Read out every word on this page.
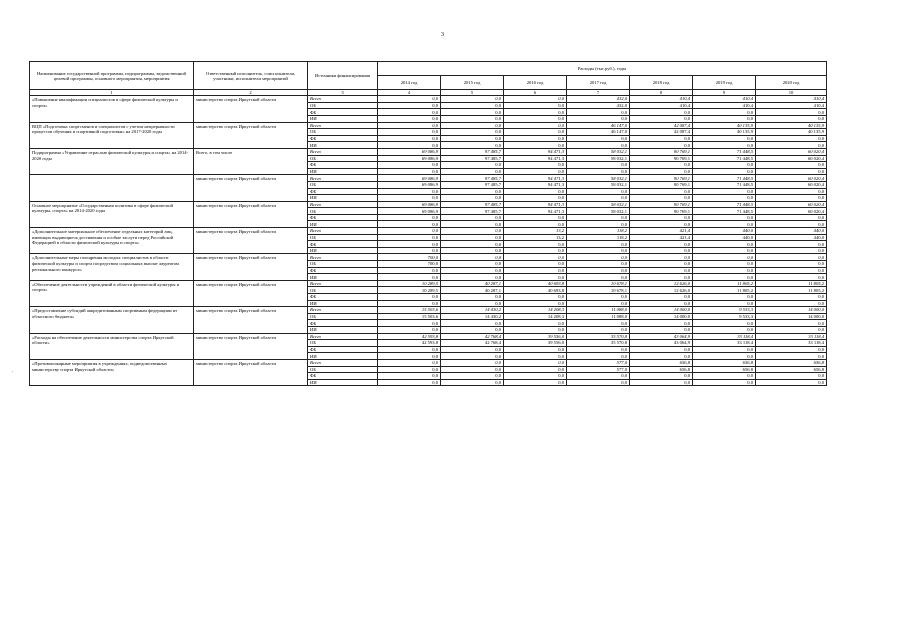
3
.
Наименование государственной программы, подпрограммы, ведомственной целевой программы, основного мероприятия, мероприятия	Ответственный исполнитель, соисполнители, участники, исполнители мероприятий	Источники финансирования	Расходы (тыс.руб.), годы						
			2014 год	2015 год	2016 год	2017 год	2018 год	2019 год	2020 год
1	2	3	4	5	6	7	8	9	10
«Повышение квалификации специалистов в сфере физической культуры и спорта»	министерство спорта Иркутской области	Всего	0,0	0,0	0,0	432,0	410,4	410,4	410,4
		ОБ	0,0	0,0	0,0	432,0	410,4	410,4	410,4
		ФБ	0,0	0,0	0,0	0,0	0,0	0,0	0,0
		ИИ	0,0	0,0	0,0	0,0	0,0	0,0	0,0
ВЦП «Подготовка спортсменов и специалистов с учетом непрерывности процессов обучения и спортивной подготовки» на 2017-2020 годы	министерство спорта Иркутской области	Всего	0,0	0,0	0,0	46 147,0	42 087,4	40 135,9	40 135,9
		ОБ	0,0	0,0	0,0	46 147,0	42 087,4	40 135,9	40 135,9
		ФБ	0,0	0,0	0,0	0,0	0,0	0,0	0,0
		ИИ	0,0	0,0	0,0	0,0	0,0	0,0	0,0
Подпрограмма «Управление отраслью физической культуры и спорта» на 2014-2020 годы	Всего, в том числе	Всего	69 086,9	97 485,7	94 471,3	58 032,1	90 769,1	71 448,5	60 020,4
		ОБ	69 086,9	97 485,7	94 471,3	58 032,1	90 769,1	71 448,5	60 020,4
		ФБ	0,0	0,0	0,0	0,0	0,0	0,0	0,0
		ИИ	0,0	0,0	0,0	0,0	0,0	0,0	0,0
	министерство спорта Иркутской области	Всего	69 086,9	97 485,7	94 471,3	58 032,1	90 769,1	71 448,5	60 020,4
		ОБ	69 086,9	97 485,7	94 471,3	58 032,1	90 769,1	71 448,5	60 020,4
		ФБ	0,0	0,0	0,0	0,0	0,0	0,0	0,0
		ИИ	0,0	0,0	0,0	0,0	0,0	0,0	0,0
Основное мероприятие «Государственная политика в сфере физической культуры, спорта» на 2014-2020 годы	министерство спорта Иркутской области	Всего	69 086,9	97 485,7	94 471,3	58 032,1	90 769,1	71 448,5	60 020,4
		ОБ	69 086,9	97 485,7	94 471,3	58 032,1	90 769,1	71 448,5	60 020,4
		ФБ	0,0	0,0	0,0	0,0	0,0	0,0	0,0
		ИИ	0,0	0,0	0,0	0,0	0,0	0,0	0,0
«Дополнительное материальное обеспечение отдельных категорий лиц, имеющих выдающиеся достижения и особые заслуги перед Российской Федерацией в области физической культуры и спорта»	министерство спорта Иркутской области	Всего	0,0	0,0	13,2	118,2	421,4	440,0	440,0
		ОБ	0,0	0,0	13,2	118,2	421,4	440,0	440,0
		ФБ	0,0	0,0	0,0	0,0	0,0	0,0	0,0
		ИИ	0,0	0,0	0,0	0,0	0,0	0,0	0,0
«Дополнительные меры поощрения молодых специалистов в области физической культуры и спорта посредством социальных выплат лауреатам регионального конкурса»	министерство спорта Иркутской области	Всего	700,0	0,0	0,0	0,0	0,0	0,0	0,0
		ОБ	700,0	0,0	0,0	0,0	0,0	0,0	0,0
		ФБ	0,0	0,0	0,0	0,0	0,0	0,0	0,0
		ИИ	0,0	0,0	0,0	0,0	0,0	0,0	0,0
«Обеспечение деятельности учреждений в области физической культуры и спорта»	министерство спорта Иркутской области	Всего	10 289,5	40 287,1	40 693,8	10 678,1	12 626,0	11 805,2	11 805,2
		ОБ	10 289,5	40 287,1	40 693,8	10 678,1	12 626,0	11 805,2	11 805,2
		ФБ	0,0	0,0	0,0	0,0	0,0	0,0	0,0
		ИИ	0,0	0,0	0,0	0,0	0,0	0,0	0,0
«Предоставление субсидий аккредитованным спортивным федерациям из областного бюджета»	министерство спорта Иркутской области	Всего	15 503,6	14 430,2	14 208,3	11 088,0	14 000,0	9 533,3	14 000,0
		ОБ	15 503,6	14 430,2	14 208,3	11 088,0	14 000,0	9 533,3	14 000,0
		ФБ	0,0	0,0	0,0	0,0	0,0	0,0	0,0
		ИИ	0,0	0,0	0,0	0,0	0,0	0,0	0,0
«Расходы на обеспечение деятельности министерства спорта Иркутской области»	министерство спорта Иркутской области	Всего	42 593,8	42 768,4	39 556,0	35 570,8	43 064,9	33 118,4	33 118,4
		ОБ	42 593,8	42 768,4	39 556,0	35 570,8	43 064,9	33 118,4	33 118,4
		ФБ	0,0	0,0	0,0	0,0	0,0	0,0	0,0
		ИИ	0,0	0,0	0,0	0,0	0,0	0,0	0,0
«Противопожарные мероприятия в учреждениях, подведомственных министерству спорта Иркутской области»	министерство спорта Иркутской области	Всего	0,0	0,0	0,0	577,0	656,8	656,8	656,8
		ОБ	0,0	0,0	0,0	577,0	656,8	656,8	656,8
		ФБ	0,0	0,0	0,0	0,0	0,0	0,0	0,0
		ИИ	0,0	0,0	0,0	0,0	0,0	0,0	0,0
